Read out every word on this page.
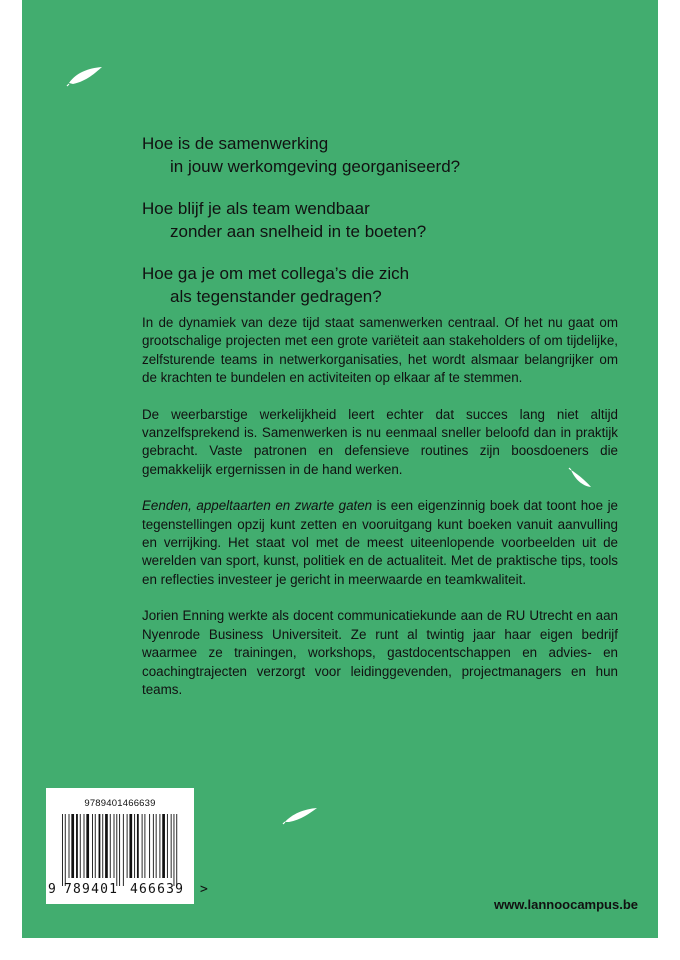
Hoe is de samenwerking
in jouw werkomgeving georganiseerd?

Hoe blijf je als team wendbaar
zonder aan snelheid in te boeten?

Hoe ga je om met collega’s die zich
als tegenstander gedragen?

In de dynamiek van deze tijd staat samenwerken centraal. Of het nu gaat om grootschalige projecten met een grote variëteit aan stakeholders of om tijdelijke, zelfsturende teams in netwerkorganisaties, het wordt alsmaar belangrijker om de krachten te bundelen en activiteiten op elkaar af te stemmen.

De weerbarstige werkelijkheid leert echter dat succes lang niet altijd vanzelfsprekend is. Samenwerken is nu eenmaal sneller beloofd dan in praktijk gebracht. Vaste patronen en defensieve routines zijn boosdoeners die gemakkelijk ergernissen in de hand werken.

Eenden, appeltaarten en zwarte gaten is een eigenzinnig boek dat toont hoe je tegenstellingen opzij kunt zetten en vooruitgang kunt boeken vanuit aanvulling en verrijking. Het staat vol met de meest uiteenlopende voorbeelden uit de werelden van sport, kunst, politiek en de actualiteit. Met de praktische tips, tools en reflecties investeer je gericht in meerwaarde en teamkwaliteit.

Jorien Enning werkte als docent communicatiekunde aan de RU Utrecht en aan Nyenrode Business Universiteit. Ze runt al twintig jaar haar eigen bedrijf waarmee ze trainingen, workshops, gastdocentschappen en advies- en coachingtrajecten verzorgt voor leidinggevenden, projectmanagers en hun teams.

9789401466639
9 789401 466639 >
www.lannoocampus.be
